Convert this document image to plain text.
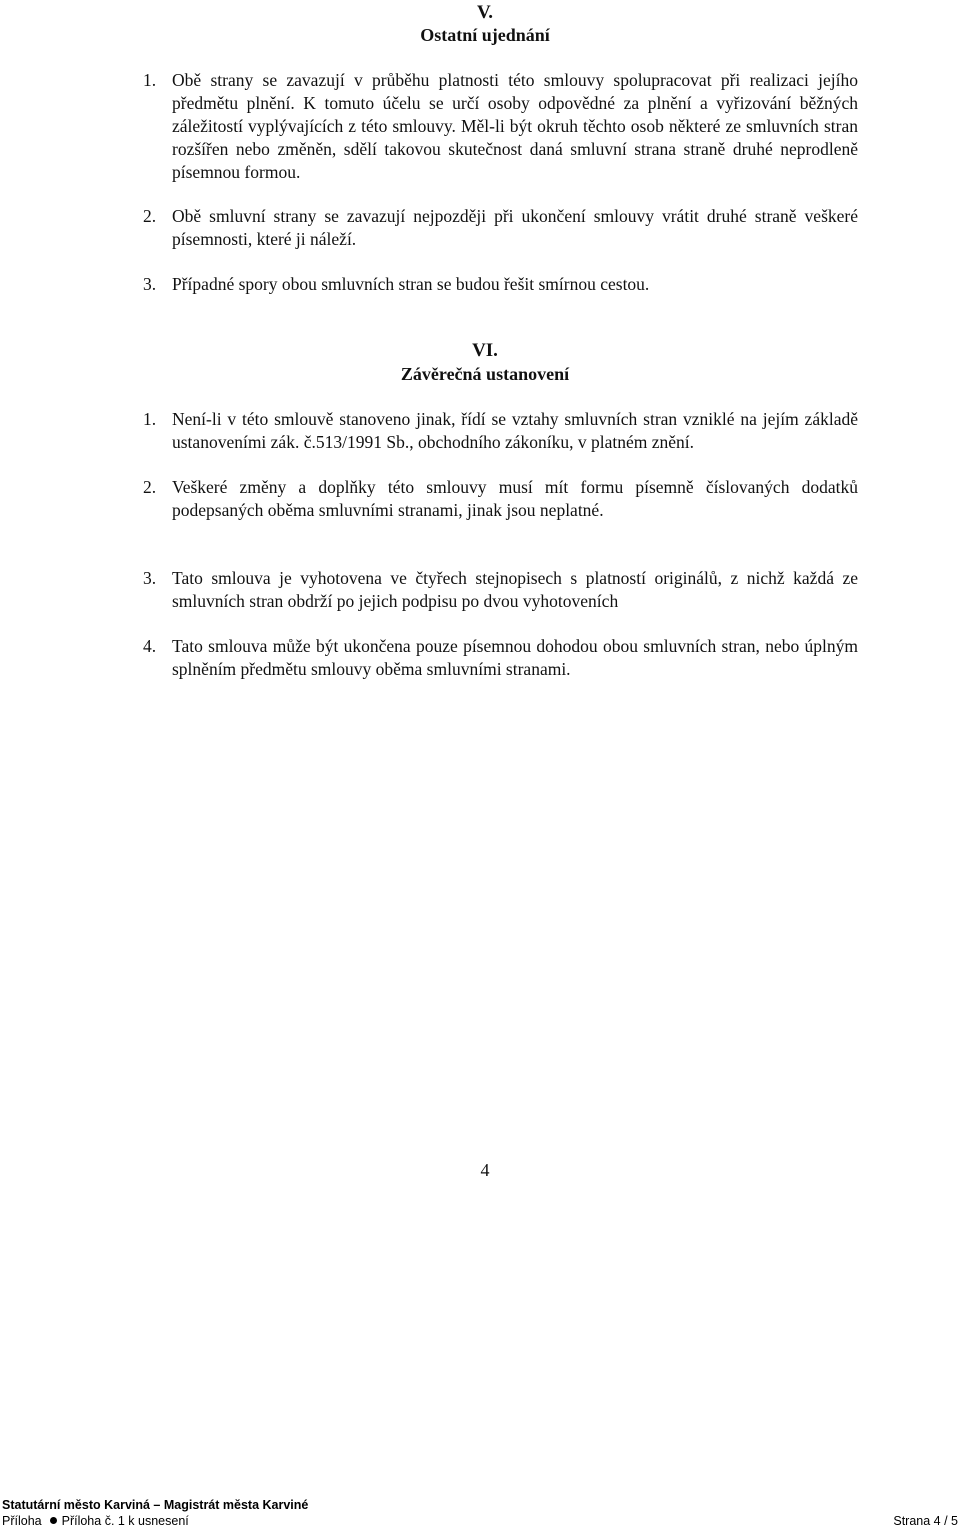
V.
Ostatní ujednání
1. Obě strany se zavazují v průběhu platnosti této smlouvy spolupracovat při realizaci jejího předmětu plnění. K tomuto účelu se určí osoby odpovědné za plnění a vyřizování běžných záležitostí vyplývajících z této smlouvy. Měl-li být okruh těchto osob některé ze smluvních stran rozšířen nebo změněn, sdělí takovou skutečnost daná smluvní strana straně druhé neprodleně písemnou formou.
2. Obě smluvní strany se zavazují nejpozději při ukončení smlouvy vrátit druhé straně veškeré písemnosti, které ji náleží.
3. Případné spory obou smluvních stran se budou řešit smírnou cestou.
VI.
Závěrečná ustanovení
1. Není-li v této smlouvě stanoveno jinak, řídí se vztahy smluvních stran vzniklé na jejím základě ustanoveními zák. č.513/1991 Sb., obchodního zákoníku, v platném znění.
2. Veškeré změny a doplňky této smlouvy musí mít formu písemně číslovaných dodatků podepsaných oběma smluvními stranami, jinak jsou neplatné.
3. Tato smlouva je vyhotovena ve čtyřech stejnopisech s platností originálů, z nichž každá ze smluvních stran obdrží po jejich podpisu po dvou vyhotoveních
4. Tato smlouva může být ukončena pouze písemnou dohodou obou smluvních stran, nebo úplným splněním předmětu smlouvy oběma smluvními stranami.
4
Statutární město Karviná – Magistrát města Karviné
Příloha Příloha č. 1 k usnesení	Strana 4 / 5
